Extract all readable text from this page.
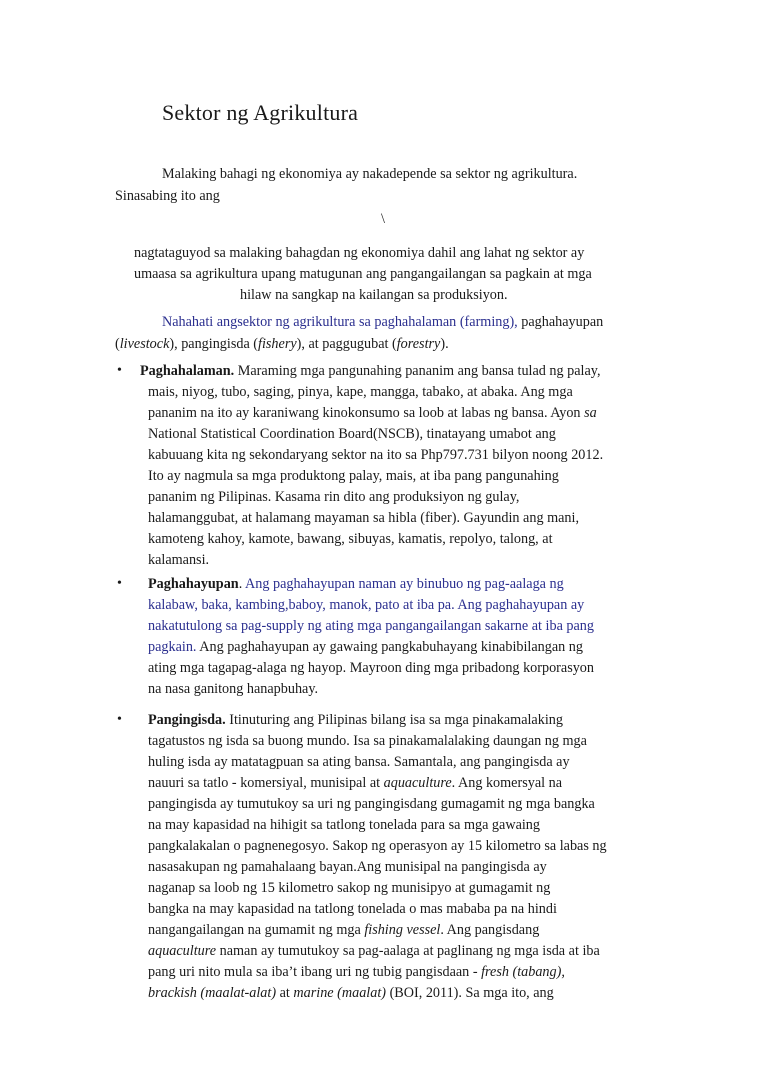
Sektor ng Agrikultura
Malaking bahagi ng ekonomiya ay nakadepende sa sektor ng agrikultura.
Sinasabing ito ang
\
nagtataguyod sa malaking bahagdan ng ekonomiya dahil ang lahat ng sektor ay
umaasa sa agrikultura upang matugunan ang pangangailangan sa pagkain at mga
hilaw na sangkap na kailangan sa produksiyon.
Nahahati angsektor ng agrikultura sa paghahalaman (farming), paghahayupan
(livestock), pangingisda (fishery), at paggugubat (forestry).
• Paghahalaman. Maraming mga pangunahing pananim ang bansa tulad ng palay,
mais, niyog, tubo, saging, pinya, kape, mangga, tabako, at abaka. Ang mga
pananim na ito ay karaniwang kinokonsumo sa loob at labas ng bansa. Ayon sa
National Statistical Coordination Board(NSCB), tinatayang umabot ang
kabuuang kita ng sekondaryang sektor na ito sa Php797.731 bilyon noong 2012.
Ito ay nagmula sa mga produktong palay, mais, at iba pang pangunahing
pananim ng Pilipinas. Kasama rin dito ang produksiyon ng gulay,
halamanggubat, at halamang mayaman sa hibla (fiber). Gayundin ang mani,
kamoteng kahoy, kamote, bawang, sibuyas, kamatis, repolyo, talong, at
kalamansi.
• Paghahayupan. Ang paghahayupan naman ay binubuo ng pag-aalaga ng
kalabaw, baka, kambing,baboy, manok, pato at iba pa. Ang paghahayupan ay
nakatutulong sa pag-supply ng ating mga pangangailangan sakarne at iba pang
pagkain. Ang paghahayupan ay gawaing pangkabuhayang kinabibilangan ng
ating mga tagapag-alaga ng hayop. Mayroon ding mga pribadong korporasyon
na nasa ganitong hanapbuhay.
• Pangingisda. Itinuturing ang Pilipinas bilang isa sa mga pinakamalaking
tagatustos ng isda sa buong mundo. Isa sa pinakamalalaking daungan ng mga
huling isda ay matatagpuan sa ating bansa. Samantala, ang pangingisda ay
nauuri sa tatlo - komersiyal, munisipal at aquaculture. Ang komersyal na
pangingisda ay tumutukoy sa uri ng pangingisdang gumagamit ng mga bangka
na may kapasidad na hihigit sa tatlong tonelada para sa mga gawaing
pangkalakalan o pagnenegosyo. Sakop ng operasyon ay 15 kilometro sa labas ng
nasasakupan ng pamahalaang bayan.Ang munisipal na pangingisda ay
naganap sa loob ng 15 kilometro sakop ng munisipyo at gumagamit ng
bangka na may kapasidad na tatlong tonelada o mas mababa pa na hindi
nangangailangan na gumamit ng mga fishing vessel. Ang pangisdang
aquaculture naman ay tumutukoy sa pag-aalaga at paglinang ng mga isda at iba
pang uri nito mula sa iba’t ibang uri ng tubig pangisdaan - fresh (tabang),
brackish (maalat-alat) at marine (maalat) (BOI, 2011). Sa mga ito, ang
